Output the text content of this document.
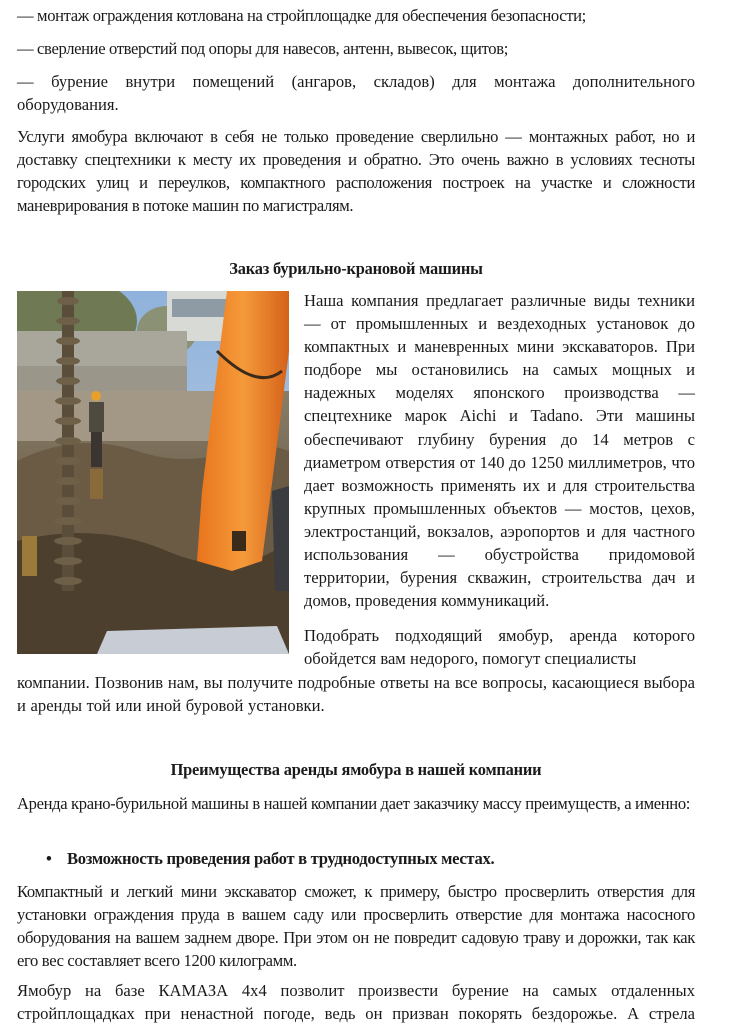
— монтаж ограждения котлована на стройплощадке для обеспечения безопасности;

— сверление отверстий под опоры для навесов, антенн, вывесок, щитов;

— бурение внутри помещений (ангаров, складов) для монтажа дополнительного оборудования.

Услуги ямобура включают в себя не только проведение сверлильно — монтажных работ, но и доставку спецтехники к месту их проведения и обратно. Это очень важно в условиях тесноты городских улиц и переулков, компактного расположения построек на участке и сложности маневрирования в потоке машин по магистралям.

Заказ бурильно-крановой машины

Наша компания предлагает различные виды техники — от промышленных и вездеходных установок до компактных и маневренных мини экскаваторов. При подборе мы остановились на самых мощных и надежных моделях японского производства — спецтехнике марок Aichi и Tadano. Эти машины обеспечивают глубину бурения до 14 метров с диаметром отверстия от 140 до 1250 миллиметров, что дает возможность применять их и для строительства крупных промышленных объектов — мостов, цехов, электростанций, вокзалов, аэропортов и для частного использования — обустройства придомовой территории, бурения скважин, строительства дач и домов, проведения коммуникаций.

Подобрать подходящий ямобур, аренда которого обойдется вам недорого, помогут специалисты

компании. Позвонив нам, вы получите подробные ответы на все вопросы, касающиеся выбора и аренды той или иной буровой установки.

Преимущества аренды ямобура в нашей компании

Аренда крано-бурильной машины в нашей компании дает заказчику массу преимуществ, а именно:

• Возможность проведения работ в труднодоступных местах.

Компактный и легкий мини экскаватор сможет, к примеру, быстро просверлить отверстия для установки ограждения пруда в вашем саду или просверлить отверстие для монтажа насосного оборудования на вашем заднем дворе. При этом он не повредит садовую траву и дорожки, так как его вес составляет всего 1200 килограмм.

Ямобур на базе КАМАЗА 4х4 позволит произвести бурение на самых отдаленных стройплощадках при ненастной погоде, ведь он призван покорять бездорожье. А стрела
